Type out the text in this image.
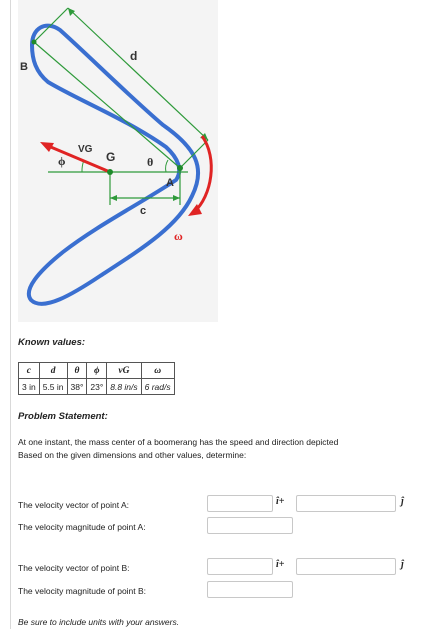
B
d
VG
ϕ	G	θ
A
c
ω
Known values:
c	d	θ	ϕ	vG	ω
3 in	5.5 in	38°	23°	8.8 in/s	6 rad/s
Problem Statement:
At one instant, the mass center of a boomerang has the speed and direction depicted
Based on the given dimensions and other values, determine:
The velocity vector of point A:	î+	ĵ
The velocity magnitude of point A:
The velocity vector of point B:	î+	ĵ
The velocity magnitude of point B:
Be sure to include units with your answers.
